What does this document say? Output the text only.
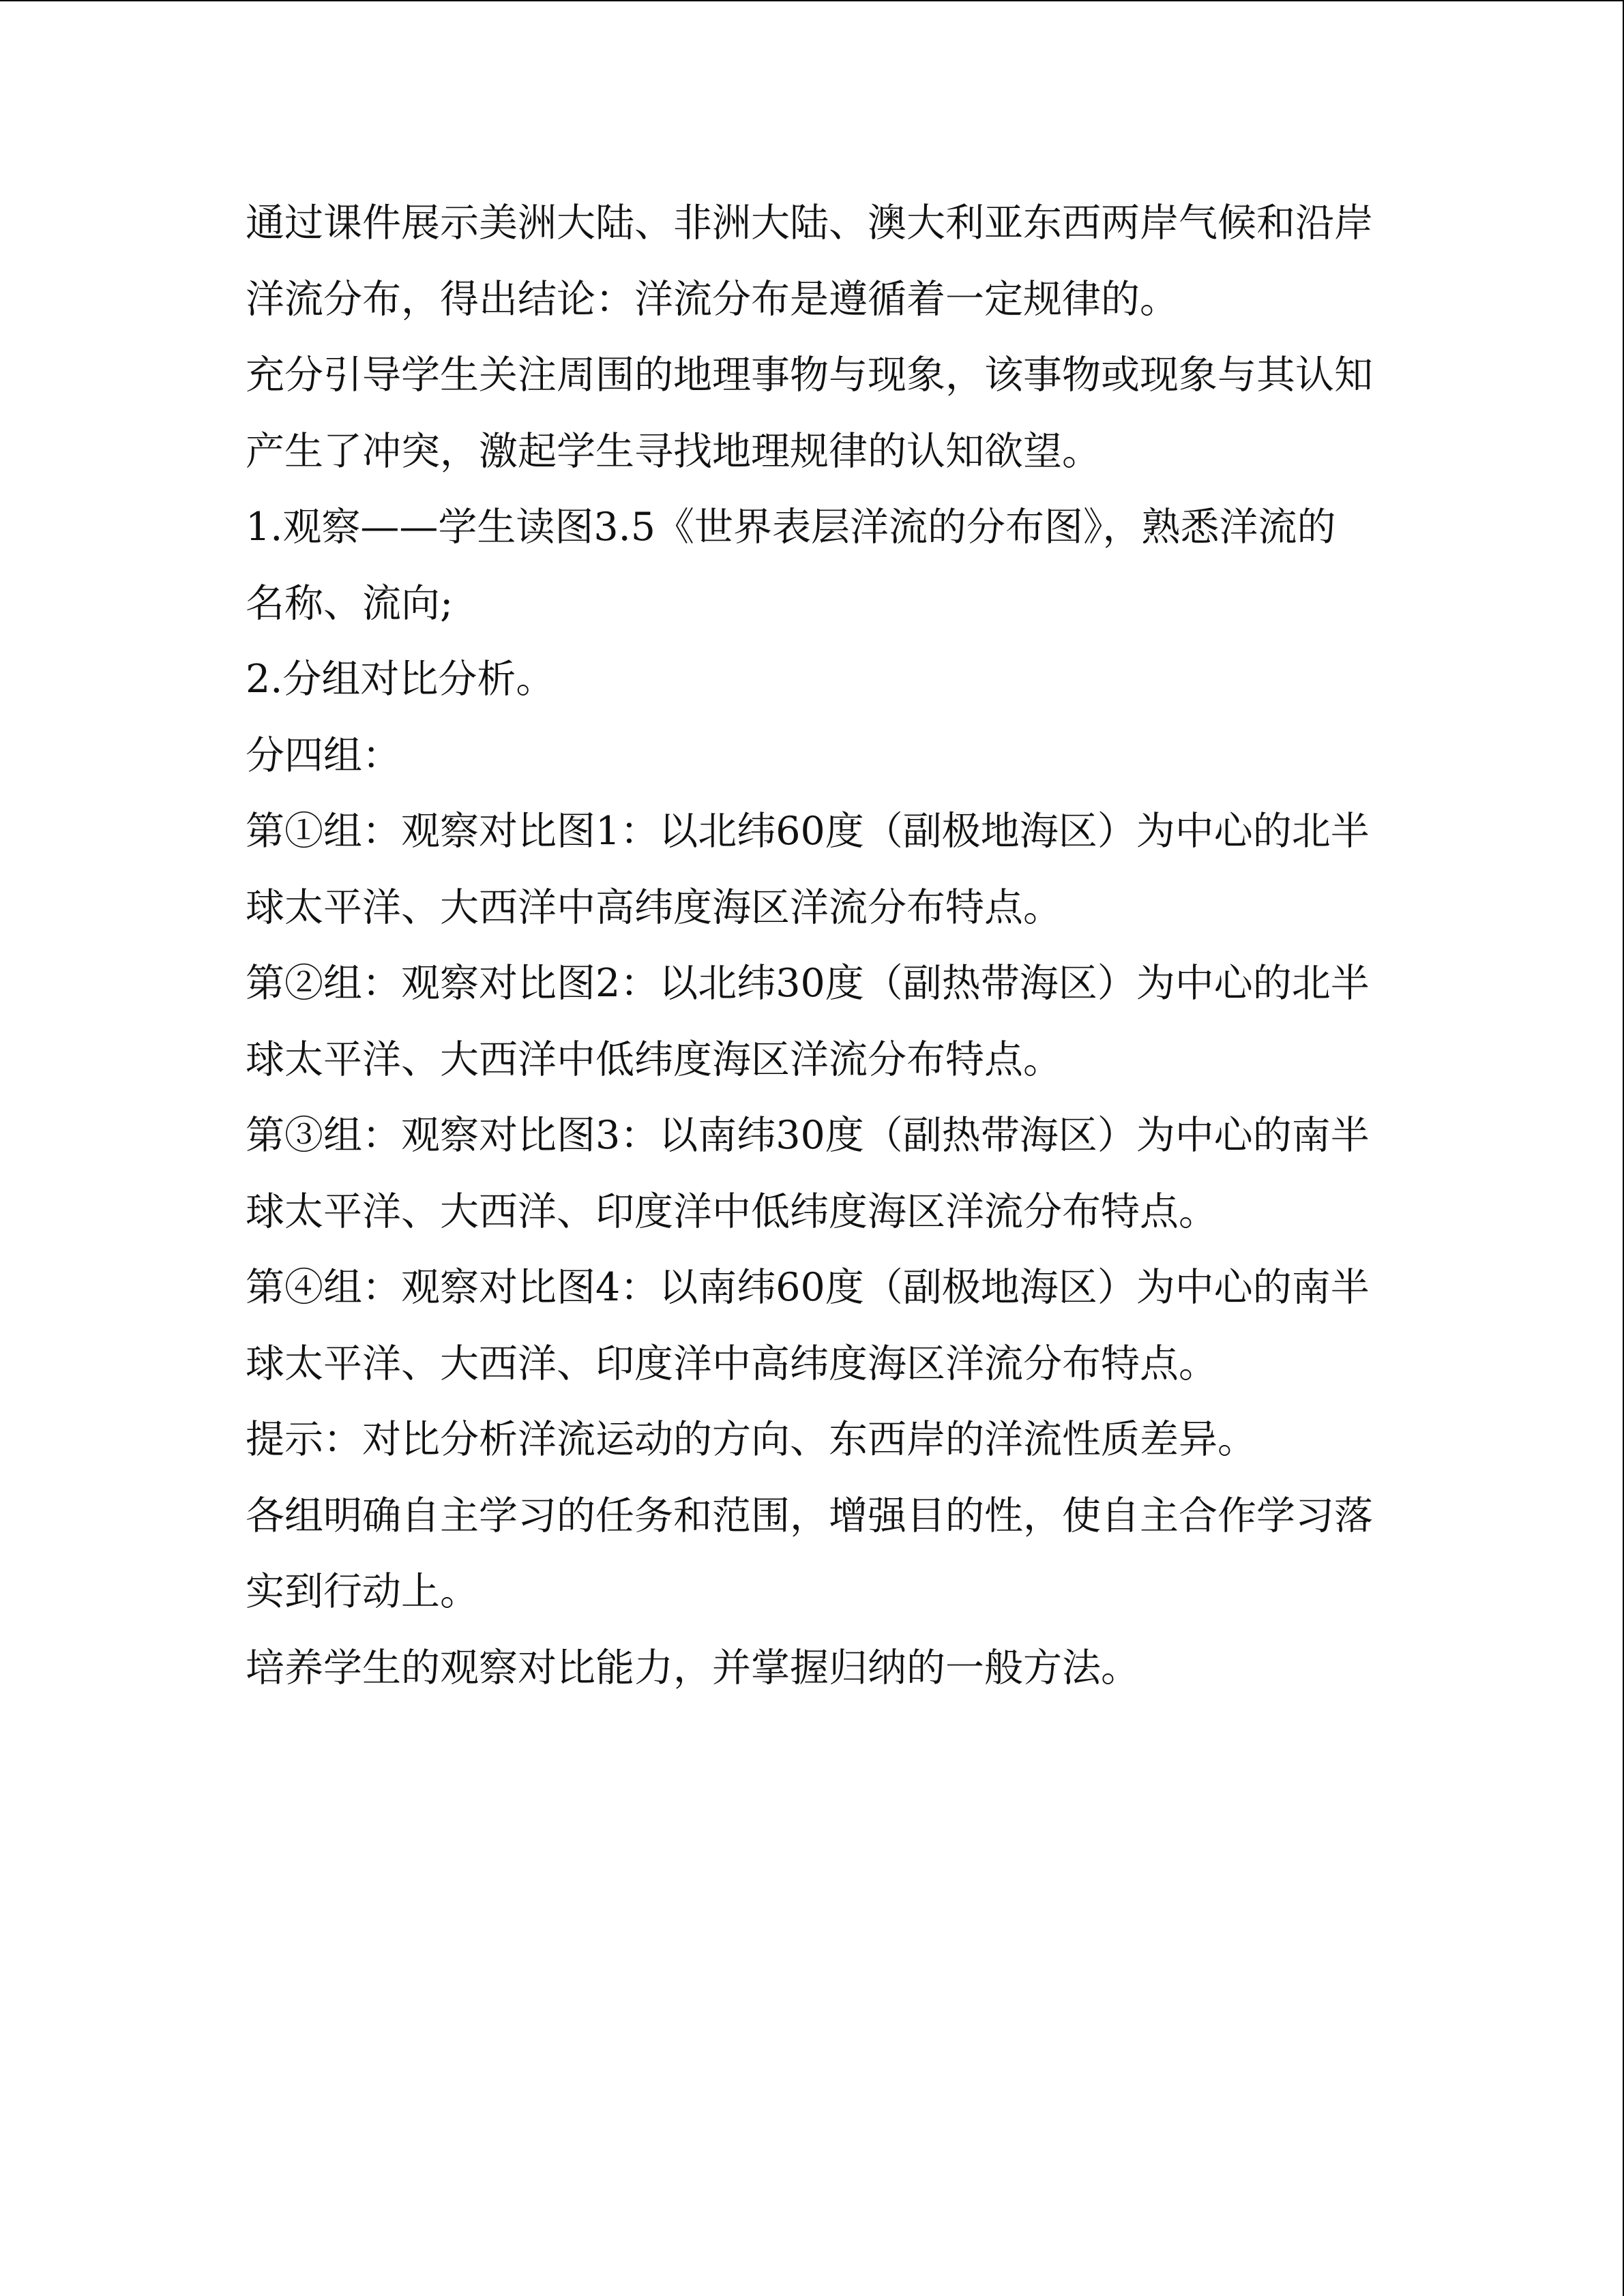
通过课件展示美洲大陆、非洲大陆、澳大利亚东西两岸气候和沿岸
洋流分布，得出结论：洋流分布是遵循着一定规律的。
充分引导学生关注周围的地理事物与现象，该事物或现象与其认知
产生了冲突，激起学生寻找地理规律的认知欲望。
1.观察——学生读图3.5《世界表层洋流的分布图》，熟悉洋流的
名称、流向;
2.分组对比分析。
分四组：
第①组：观察对比图1：以北纬60度（副极地海区）为中心的北半
球太平洋、大西洋中高纬度海区洋流分布特点。
第②组：观察对比图2：以北纬30度（副热带海区）为中心的北半
球太平洋、大西洋中低纬度海区洋流分布特点。
第③组：观察对比图3：以南纬30度（副热带海区）为中心的南半
球太平洋、大西洋、印度洋中低纬度海区洋流分布特点。
第④组：观察对比图4：以南纬60度（副极地海区）为中心的南半
球太平洋、大西洋、印度洋中高纬度海区洋流分布特点。
提示：对比分析洋流运动的方向、东西岸的洋流性质差异。
各组明确自主学习的任务和范围，增强目的性，使自主合作学习落
实到行动上。
培养学生的观察对比能力，并掌握归纳的一般方法。
